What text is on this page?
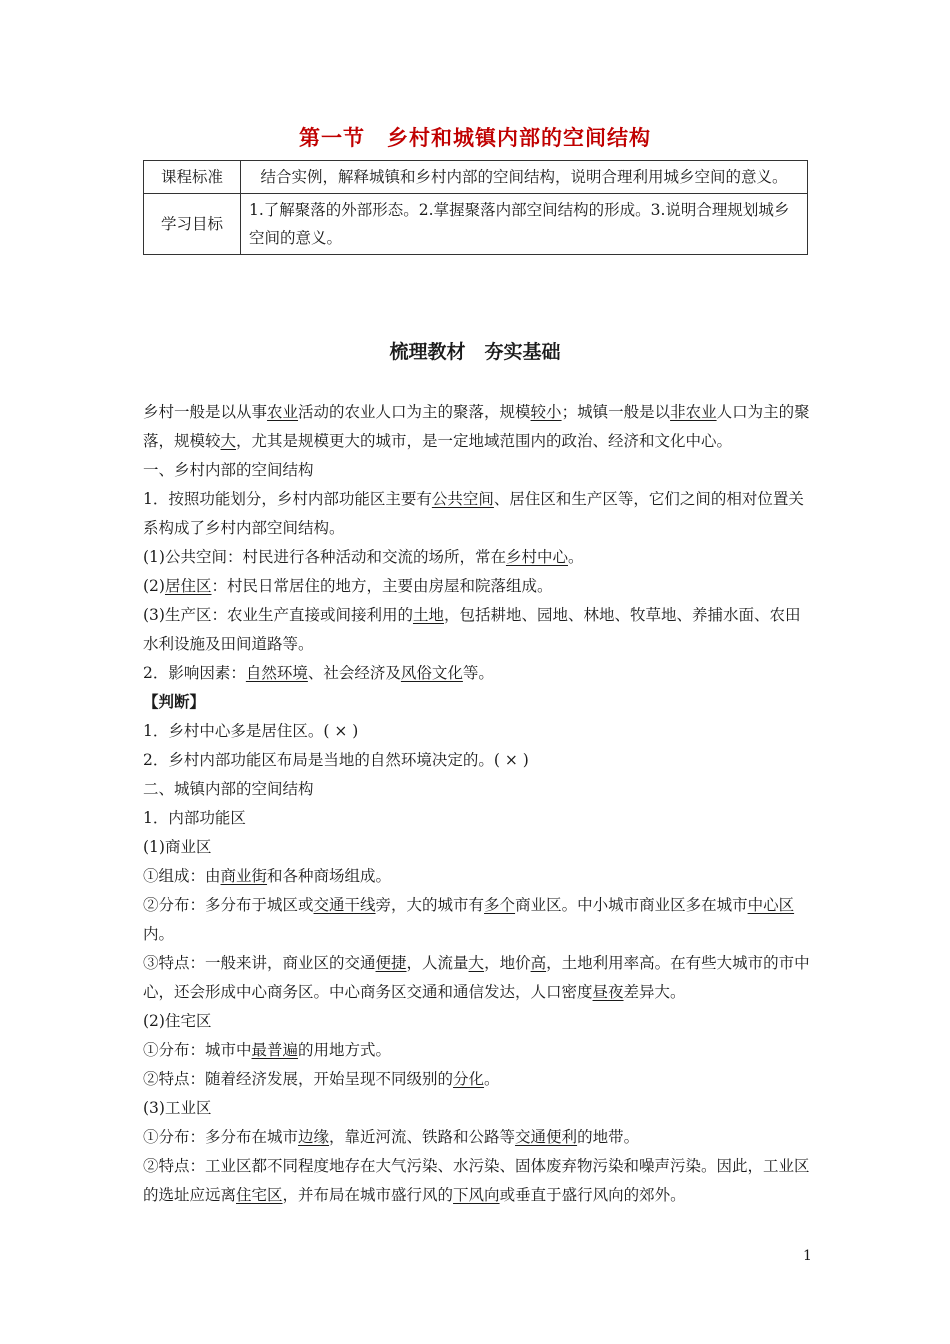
第一节　乡村和城镇内部的空间结构
课程标准	结合实例，解释城镇和乡村内部的空间结构，说明合理利用城乡空间的意义。
学习目标	1.了解聚落的外部形态。2.掌握聚落内部空间结构的形成。3.说明合理规划城乡空间的意义。
梳理教材　夯实基础

乡村一般是以从事农业活动的农业人口为主的聚落，规模较小；城镇一般是以非农业人口为主的聚落，规模较大，尤其是规模更大的城市，是一定地域范围内的政治、经济和文化中心。

一、乡村内部的空间结构

1．按照功能划分，乡村内部功能区主要有公共空间、居住区和生产区等，它们之间的相对位置关系构成了乡村内部空间结构。

(1)公共空间：村民进行各种活动和交流的场所，常在乡村中心。

(2)居住区：村民日常居住的地方，主要由房屋和院落组成。

(3)生产区：农业生产直接或间接利用的土地，包括耕地、园地、林地、牧草地、养捕水面、农田水利设施及田间道路等。

2．影响因素：自然环境、社会经济及风俗文化等。

【判断】

1．乡村中心多是居住区。( × )

2．乡村内部功能区布局是当地的自然环境决定的。( × )

二、城镇内部的空间结构

1．内部功能区

(1)商业区

①组成：由商业街和各种商场组成。

②分布：多分布于城区或交通干线旁，大的城市有多个商业区。中小城市商业区多在城市中心区内。

③特点：一般来讲，商业区的交通便捷，人流量大，地价高，土地利用率高。在有些大城市的市中心，还会形成中心商务区。中心商务区交通和通信发达，人口密度昼夜差异大。

(2)住宅区

①分布：城市中最普遍的用地方式。

②特点：随着经济发展，开始呈现不同级别的分化。

(3)工业区

①分布：多分布在城市边缘，靠近河流、铁路和公路等交通便利的地带。

②特点：工业区都不同程度地存在大气污染、水污染、固体废弃物污染和噪声污染。因此，工业区的选址应远离住宅区，并布局在城市盛行风的下风向或垂直于盛行风向的郊外。

1
